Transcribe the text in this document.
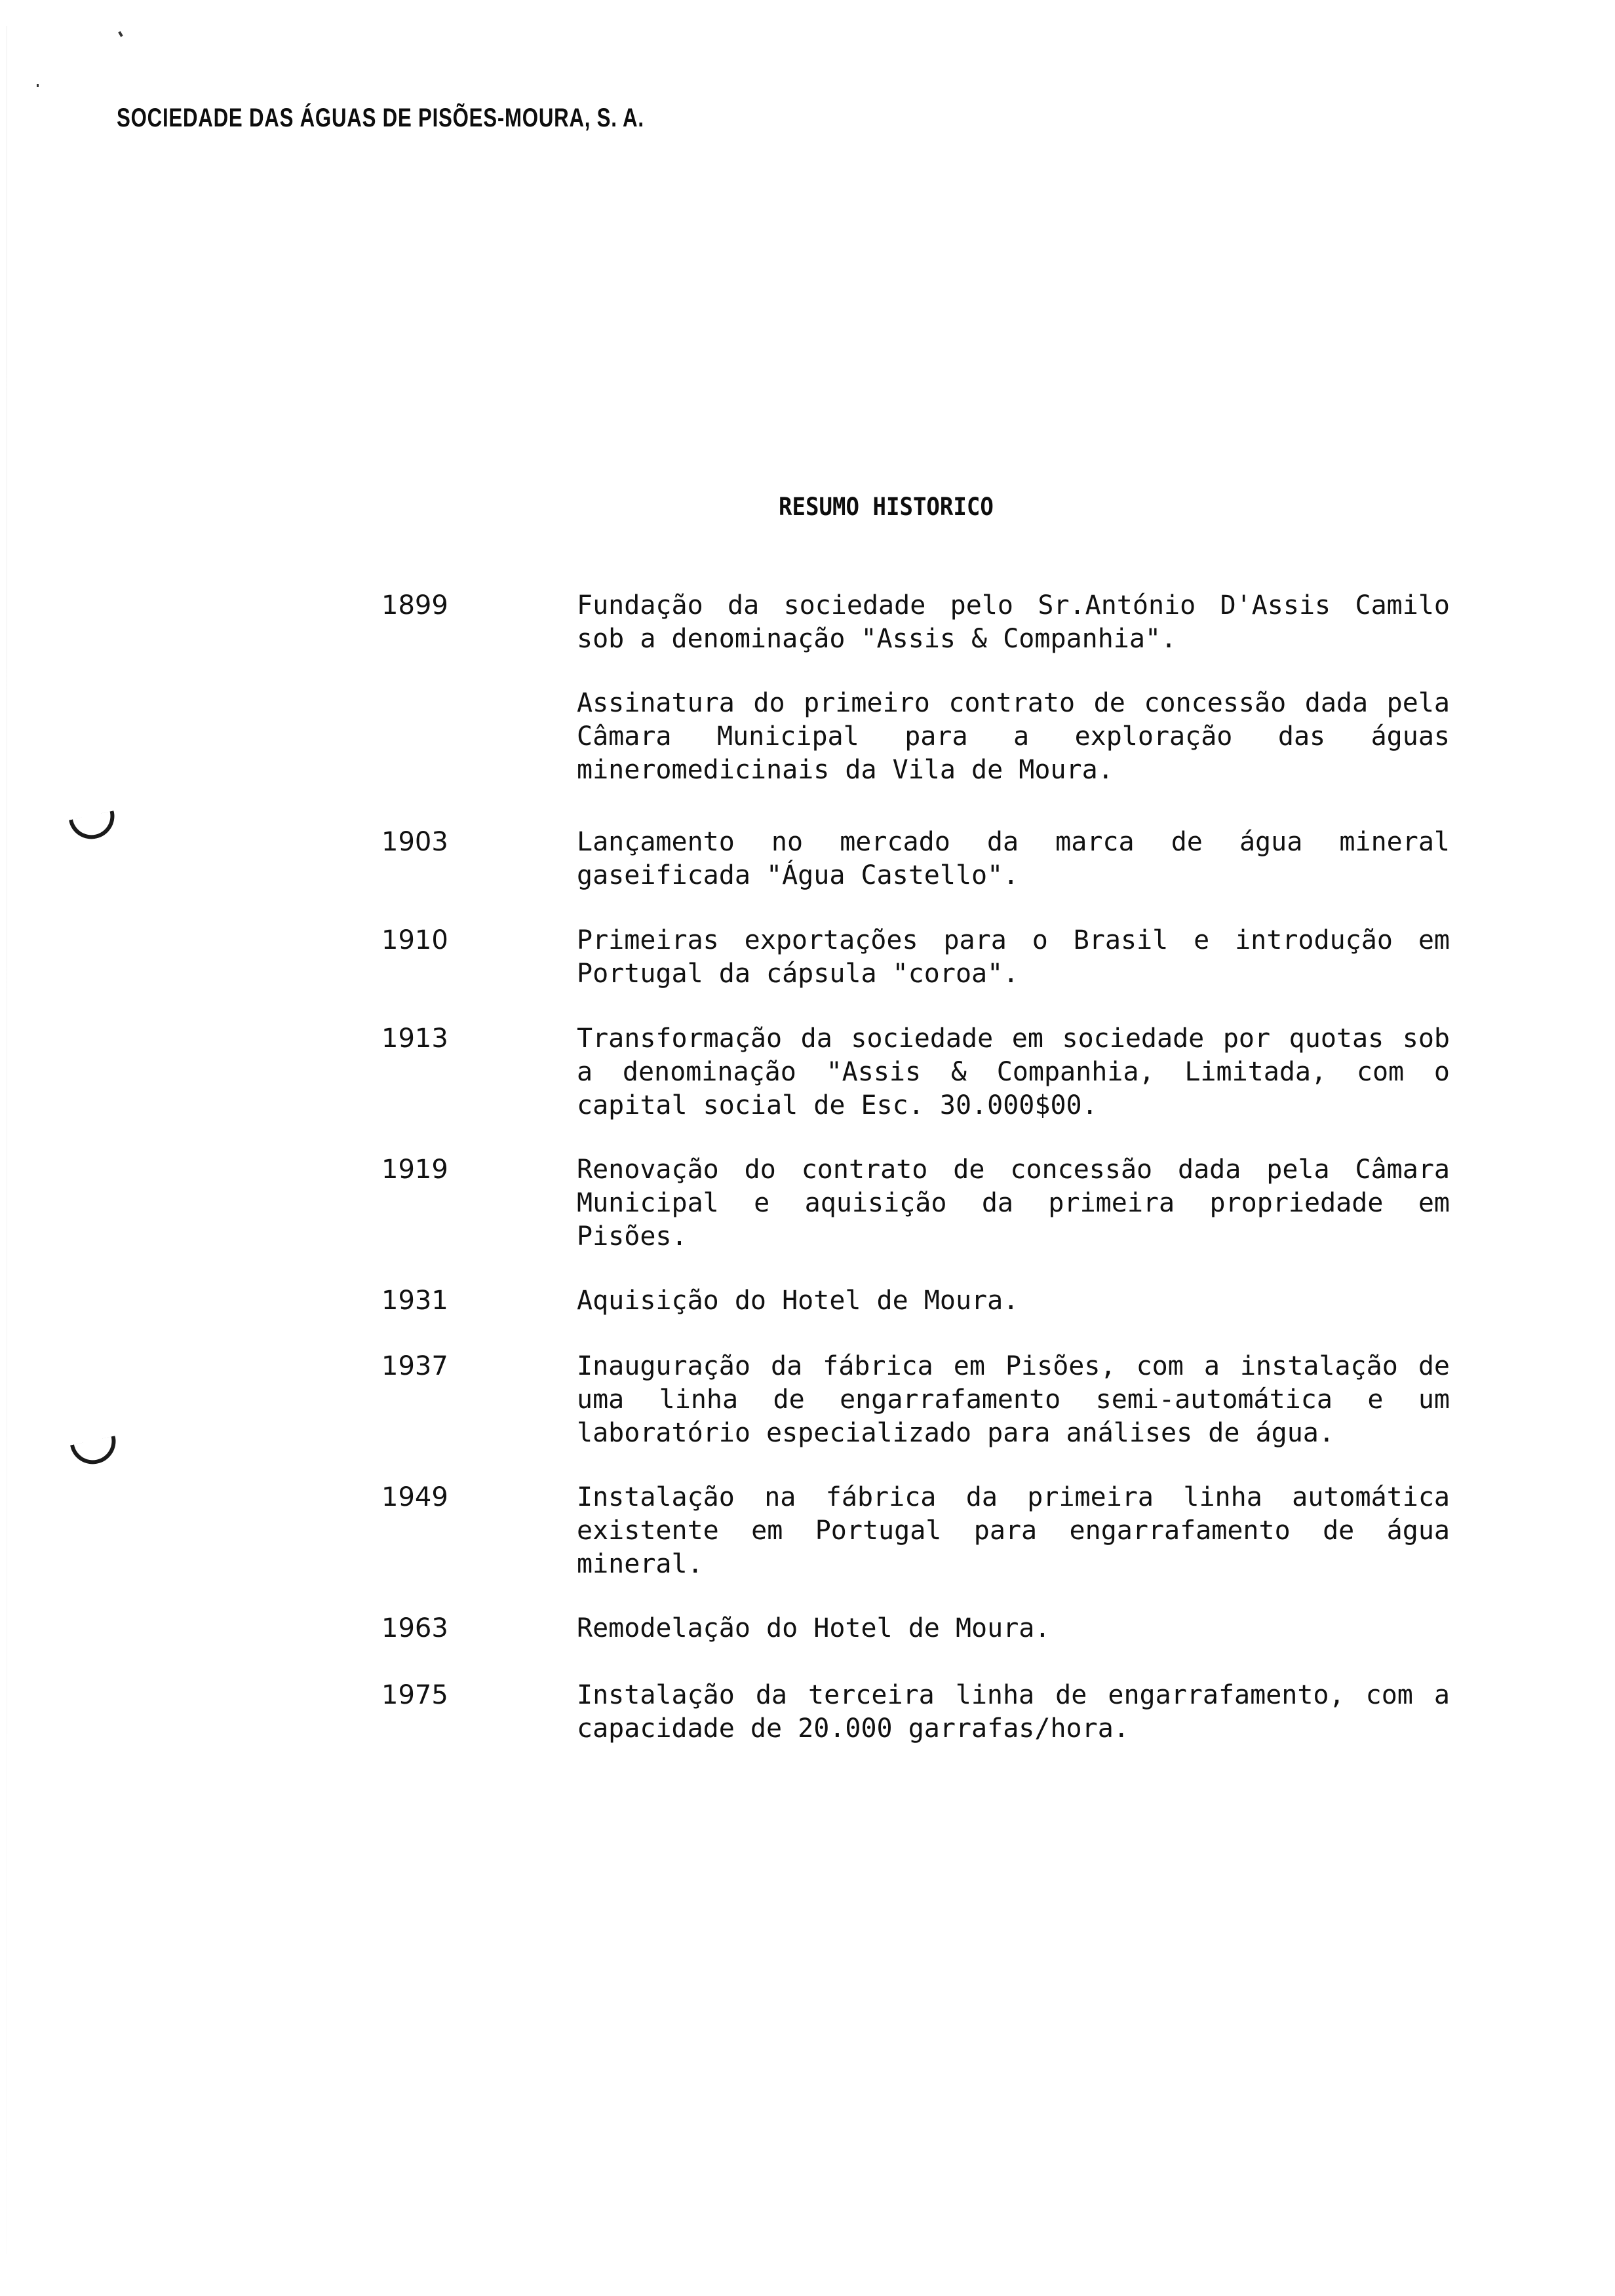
SOCIEDADE DAS ÁGUAS DE PISÕES-MOURA, S. A.
RESUMO HISTORICO
1899	Fundação da sociedade pelo Sr.António D'Assis Camilo sob a denominação "Assis & Companhia".

Assinatura do primeiro contrato de concessão dada pela Câmara Municipal para a exploração das águas mineromedicinais da Vila de Moura.

1903	Lançamento no mercado da marca de água mineral gaseificada "Água Castello".

1910	Primeiras exportações para o Brasil e introdução em Portugal da cápsula "coroa".

1913	Transformação da sociedade em sociedade por quotas sob a denominação "Assis & Companhia, Limitada, com o capital social de Esc. 30.000$00.

1919	Renovação do contrato de concessão dada pela Câmara Municipal e aquisição da primeira propriedade em Pisões.

1931	Aquisição do Hotel de Moura.

1937	Inauguração da fábrica em Pisões, com a instalação de uma linha de engarrafamento semi-automática e um laboratório especializado para análises de água.

1949	Instalação na fábrica da primeira linha automática existente em Portugal para engarrafamento de água mineral.

1963	Remodelação do Hotel de Moura.

1975	Instalação da terceira linha de engarrafamento, com a capacidade de 20.000 garrafas/hora.
